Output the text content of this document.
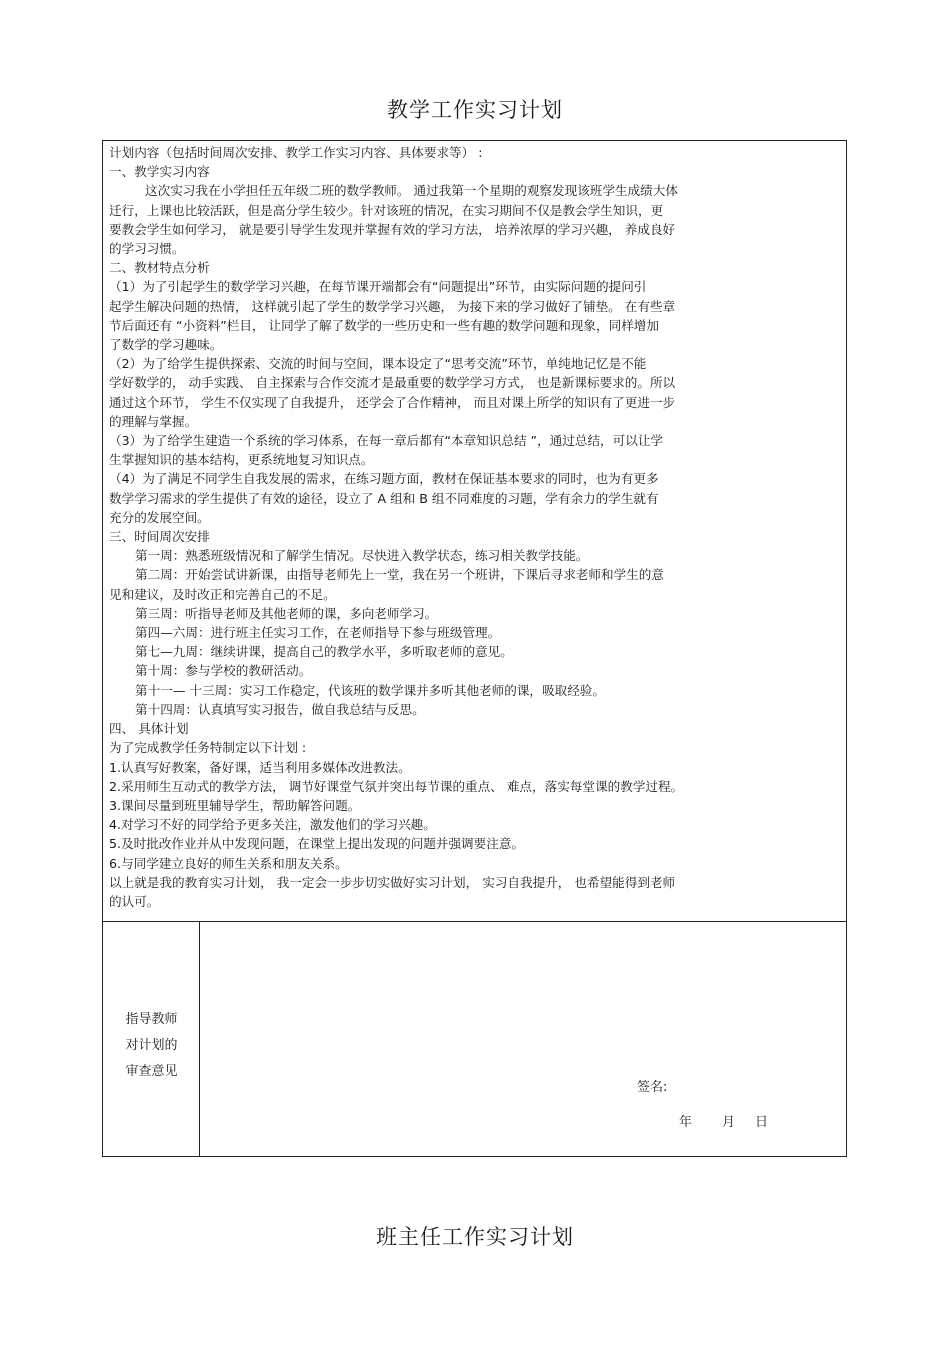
教学工作实习计划

计划内容（包括时间周次安排、教学工作实习内容、具体要求等） :

一、教学实习内容

这次实习我在小学担任五年级二班的数学教师。 通过我第一个星期的观察发现该班学生成绩大体

迁行，上课也比较活跃，但是高分学生较少。针对该班的情况，在实习期间不仅是教会学生知识，更

要教会学生如何学习， 就是要引导学生发现并掌握有效的学习方法， 培养浓厚的学习兴趣， 养成良好

的学习习惯。

二、教材特点分析

（1）为了引起学生的数学学习兴趣，在每节课开端都会有“问题提出”环节，由实际问题的提问引

起学生解决问题的热情， 这样就引起了学生的数学学习兴趣， 为接下来的学习做好了铺垫。 在有些章

节后面还有 “小资料”栏目， 让同学了解了数学的一些历史和一些有趣的数学问题和现象，同样增加

了数学的学习趣味。

（2）为了给学生提供探索、交流的时间与空间，课本设定了“思考交流”环节，单纯地记忆是不能

学好数学的， 动手实践、 自主探索与合作交流才是最重要的数学学习方式， 也是新课标要求的。所以

通过这个环节， 学生不仅实现了自我提升， 还学会了合作精神， 而且对课上所学的知识有了更进一步

的理解与掌握。

（3）为了给学生建造一个系统的学习体系，在每一章后都有“本章知识总结 ”，通过总结，可以让学

生掌握知识的基本结构，更系统地复习知识点。

（4）为了满足不同学生自我发展的需求，在练习题方面，教材在保证基本要求的同时，也为有更多

数学学习需求的学生提供了有效的途径，设立了 A 组和 B 组不同难度的习题，学有余力的学生就有

充分的发展空间。

三、时间周次安排

第一周：熟悉班级情况和了解学生情况。尽快进入教学状态，练习相关教学技能。

第二周：开始尝试讲新课，由指导老师先上一堂，我在另一个班讲，下课后寻求老师和学生的意

见和建议，及时改正和完善自己的不足。

第三周：听指导老师及其他老师的课，多向老师学习。

第四—六周：进行班主任实习工作，在老师指导下参与班级管理。

第七—九周：继续讲课，提高自己的教学水平，多听取老师的意见。

第十周：参与学校的教研活动。

第十一— 十三周：实习工作稳定，代该班的数学课并多听其他老师的课，吸取经验。

第十四周：认真填写实习报告，做自我总结与反思。

四、 具体计划

为了完成教学任务特制定以下计划 :

1.认真写好教案，备好课，适当利用多媒体改进教法。

2.采用师生互动式的教学方法， 调节好课堂气氛并突出每节课的重点、 难点，落实每堂课的教学过程。

3.课间尽量到班里辅导学生，帮助解答问题。

4.对学习不好的同学给予更多关注，激发他们的学习兴趣。

5.及时批改作业并从中发现问题，在课堂上提出发现的问题并强调要注意。

6.与同学建立良好的师生关系和朋友关系。

以上就是我的教育实习计划， 我一定会一步步切实做好实习计划， 实习自我提升， 也希望能得到老师

的认可。

指导教师
对计划的
审查意见
签名:
年 月 日
班主任工作实习计划
